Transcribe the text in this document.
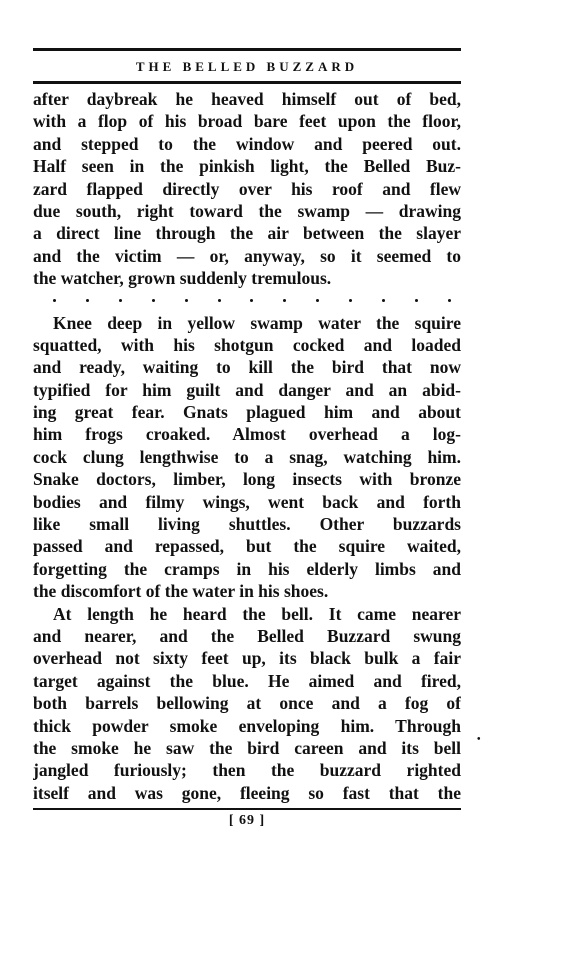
THE BELLED BUZZARD
after daybreak he heaved himself out of bed,
with a flop of his broad bare feet upon the floor,
and stepped to the window and peered out.
Half seen in the pinkish light, the Belled Buz-
zard flapped directly over his roof and flew
due south, right toward the swamp — drawing
a direct line through the air between the slayer
and the victim — or, anyway, so it seemed to
the watcher, grown suddenly tremulous.
Knee deep in yellow swamp water the squire
squatted, with his shotgun cocked and loaded
and ready, waiting to kill the bird that now
typified for him guilt and danger and an abid-
ing great fear. Gnats plagued him and about
him frogs croaked. Almost overhead a log-
cock clung lengthwise to a snag, watching him.
Snake doctors, limber, long insects with bronze
bodies and filmy wings, went back and forth
like small living shuttles. Other buzzards
passed and repassed, but the squire waited,
forgetting the cramps in his elderly limbs and
the discomfort of the water in his shoes.
At length he heard the bell. It came nearer
and nearer, and the Belled Buzzard swung
overhead not sixty feet up, its black bulk a fair
target against the blue. He aimed and fired,
both barrels bellowing at once and a fog of
thick powder smoke enveloping him. Through
the smoke he saw the bird careen and its bell
jangled furiously; then the buzzard righted
itself and was gone, fleeing so fast that the
[ 69 ]
•
